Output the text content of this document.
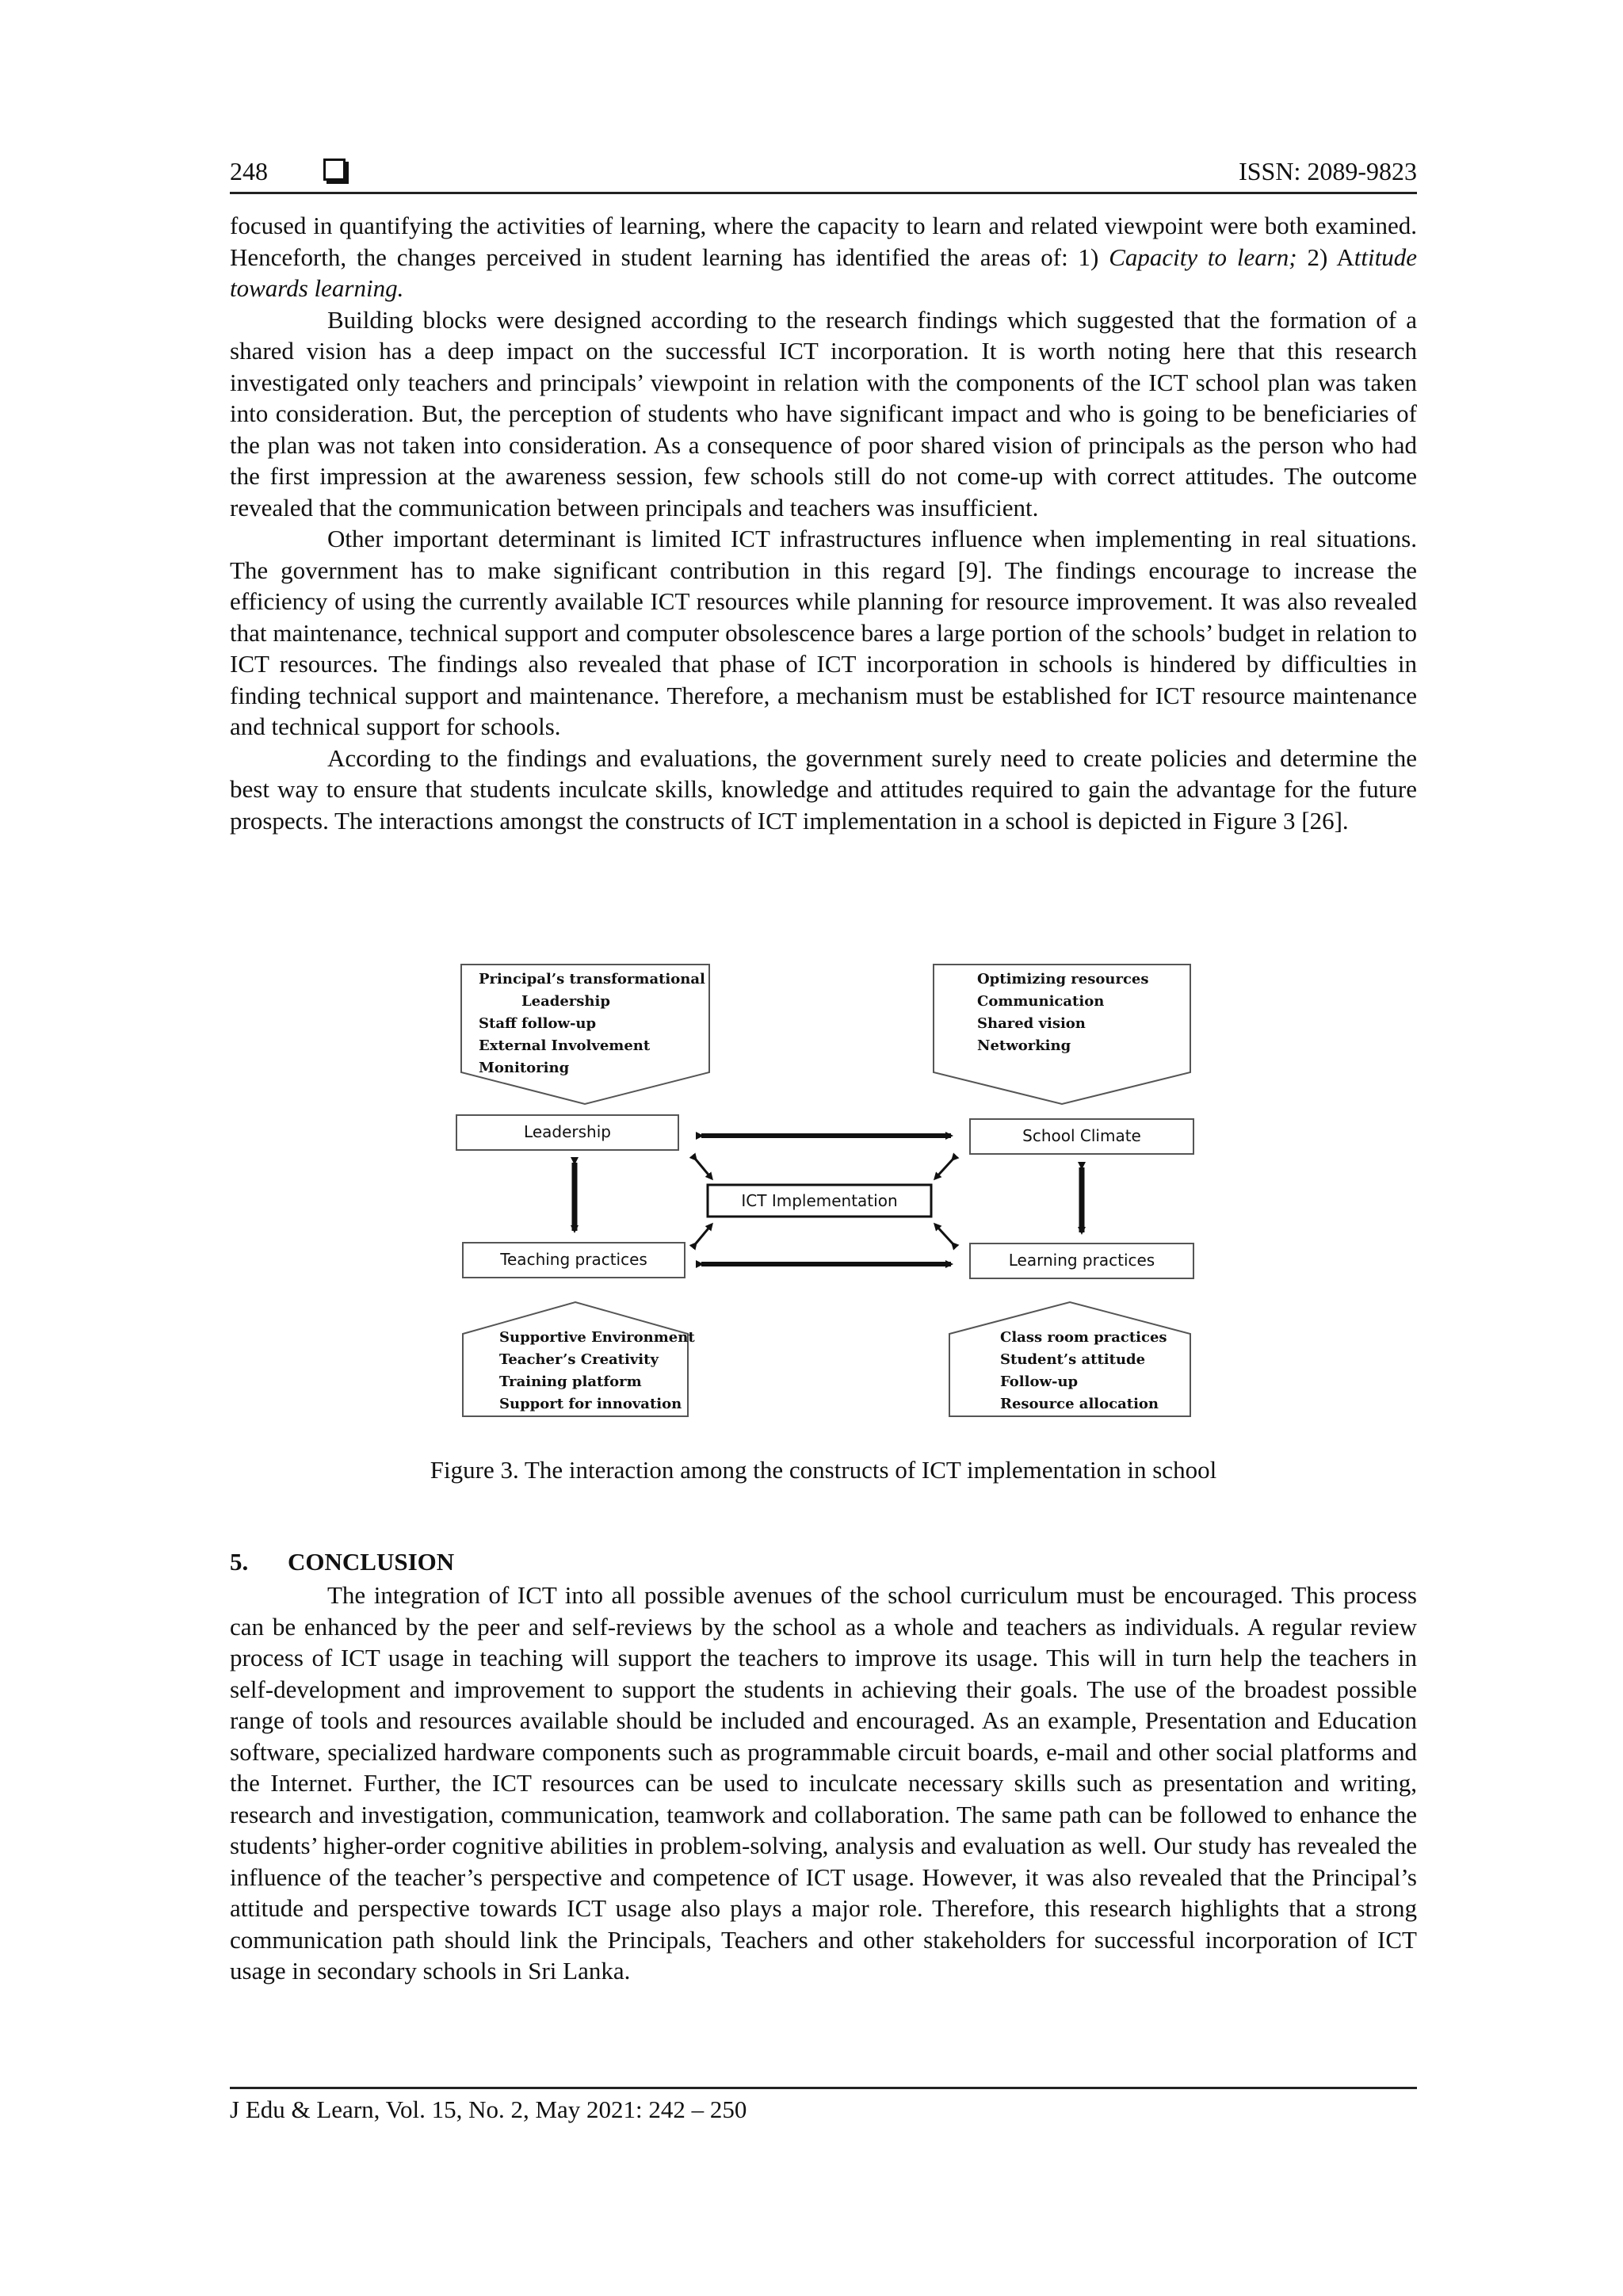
248	ISSN: 2089-9823

focused in quantifying the activities of learning, where the capacity to learn and related viewpoint were both examined. Henceforth, the changes perceived in student learning has identified the areas of: 1) Capacity to learn; 2) Attitude towards learning.

Building blocks were designed according to the research findings which suggested that the formation of a shared vision has a deep impact on the successful ICT incorporation. It is worth noting here that this research investigated only teachers and principals’ viewpoint in relation with the components of the ICT school plan was taken into consideration. But, the perception of students who have significant impact and who is going to be beneficiaries of the plan was not taken into consideration. As a consequence of poor shared vision of principals as the person who had the first impression at the awareness session, few schools still do not come-up with correct attitudes. The outcome revealed that the communication between principals and teachers was insufficient.

Other important determinant is limited ICT infrastructures influence when implementing in real situations. The government has to make significant contribution in this regard [9]. The findings encourage to increase the efficiency of using the currently available ICT resources while planning for resource improvement. It was also revealed that maintenance, technical support and computer obsolescence bares a large portion of the schools’ budget in relation to ICT resources. The findings also revealed that phase of ICT incorporation in schools is hindered by difficulties in finding technical support and maintenance. Therefore, a mechanism must be established for ICT resource maintenance and technical support for schools.

According to the findings and evaluations, the government surely need to create policies and determine the best way to ensure that students inculcate skills, knowledge and attitudes required to gain the advantage for the future prospects. The interactions amongst the constructs of ICT implementation in a school is depicted in Figure 3 [26].

Principal’s transformational
Leadership
Staff follow-up
External Involvement
Monitoring
Optimizing resources
Communication
Shared vision
Networking
Leadership	School Climate
ICT Implementation
Teaching practices	Learning practices
Supportive Environment
Teacher’s Creativity
Training platform
Support for innovation
Class room practices
Student’s attitude
Follow-up
Resource allocation
Figure 3. The interaction among the constructs of ICT implementation in school
5. CONCLUSION

The integration of ICT into all possible avenues of the school curriculum must be encouraged. This process can be enhanced by the peer and self-reviews by the school as a whole and teachers as individuals. A regular review process of ICT usage in teaching will support the teachers to improve its usage. This will in turn help the teachers in self-development and improvement to support the students in achieving their goals. The use of the broadest possible range of tools and resources available should be included and encouraged. As an example, Presentation and Education software, specialized hardware components such as programmable circuit boards, e-mail and other social platforms and the Internet. Further, the ICT resources can be used to inculcate necessary skills such as presentation and writing, research and investigation, communication, teamwork and collaboration. The same path can be followed to enhance the students’ higher-order cognitive abilities in problem-solving, analysis and evaluation as well. Our study has revealed the influence of the teacher’s perspective and competence of ICT usage. However, it was also revealed that the Principal’s attitude and perspective towards ICT usage also plays a major role. Therefore, this research highlights that a strong communication path should link the Principals, Teachers and other stakeholders for successful incorporation of ICT usage in secondary schools in Sri Lanka.

J Edu & Learn, Vol. 15, No. 2, May 2021: 242 – 250
